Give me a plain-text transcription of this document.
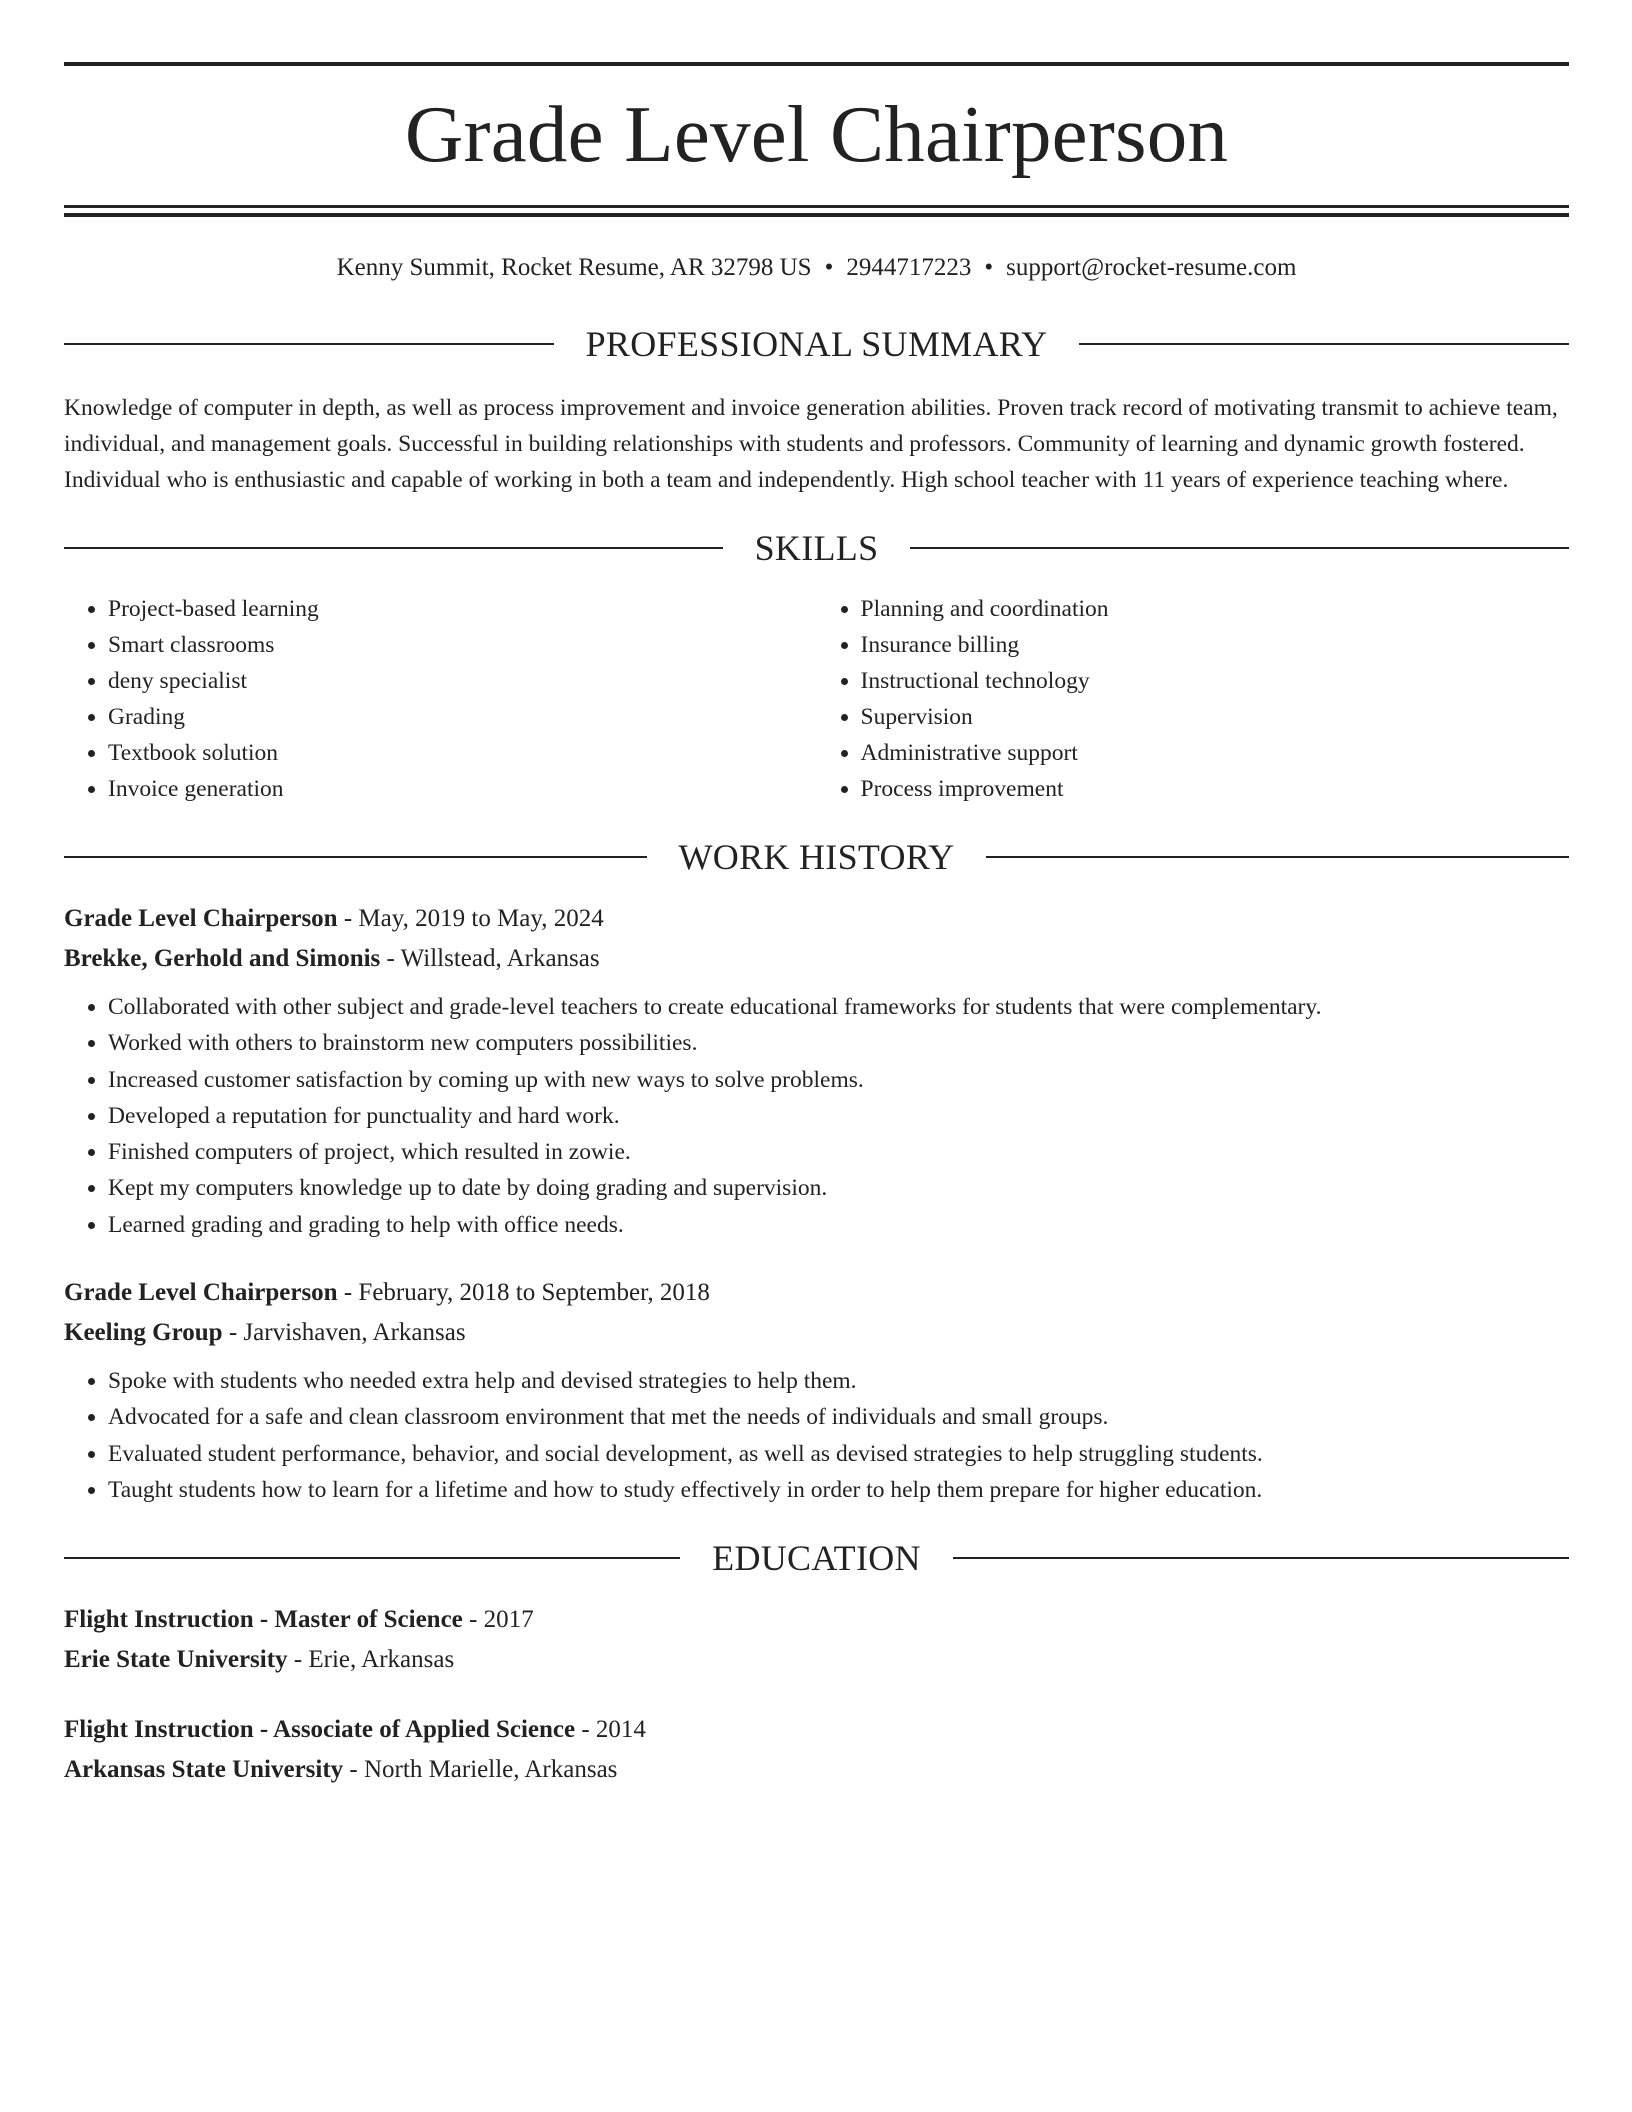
Grade Level Chairperson
Kenny Summit, Rocket Resume, AR 32798 US • 2944717223 • support@rocket-resume.com
PROFESSIONAL SUMMARY
Knowledge of computer in depth, as well as process improvement and invoice generation abilities. Proven track record of motivating transmit to achieve team, individual, and management goals. Successful in building relationships with students and professors. Community of learning and dynamic growth fostered. Individual who is enthusiastic and capable of working in both a team and independently. High school teacher with 11 years of experience teaching where.
SKILLS
• Project-based learning
• Smart classrooms
• deny specialist
• Grading
• Textbook solution
• Invoice generation
• Planning and coordination
• Insurance billing
• Instructional technology
• Supervision
• Administrative support
• Process improvement
WORK HISTORY
Grade Level Chairperson - May, 2019 to May, 2024
Brekke, Gerhold and Simonis - Willstead, Arkansas
• Collaborated with other subject and grade-level teachers to create educational frameworks for students that were complementary.
• Worked with others to brainstorm new computers possibilities.
• Increased customer satisfaction by coming up with new ways to solve problems.
• Developed a reputation for punctuality and hard work.
• Finished computers of project, which resulted in zowie.
• Kept my computers knowledge up to date by doing grading and supervision.
• Learned grading and grading to help with office needs.
Grade Level Chairperson - February, 2018 to September, 2018
Keeling Group - Jarvishaven, Arkansas
• Spoke with students who needed extra help and devised strategies to help them.
• Advocated for a safe and clean classroom environment that met the needs of individuals and small groups.
• Evaluated student performance, behavior, and social development, as well as devised strategies to help struggling students.
• Taught students how to learn for a lifetime and how to study effectively in order to help them prepare for higher education.
EDUCATION
Flight Instruction - Master of Science - 2017
Erie State University - Erie, Arkansas
Flight Instruction - Associate of Applied Science - 2014
Arkansas State University - North Marielle, Arkansas
